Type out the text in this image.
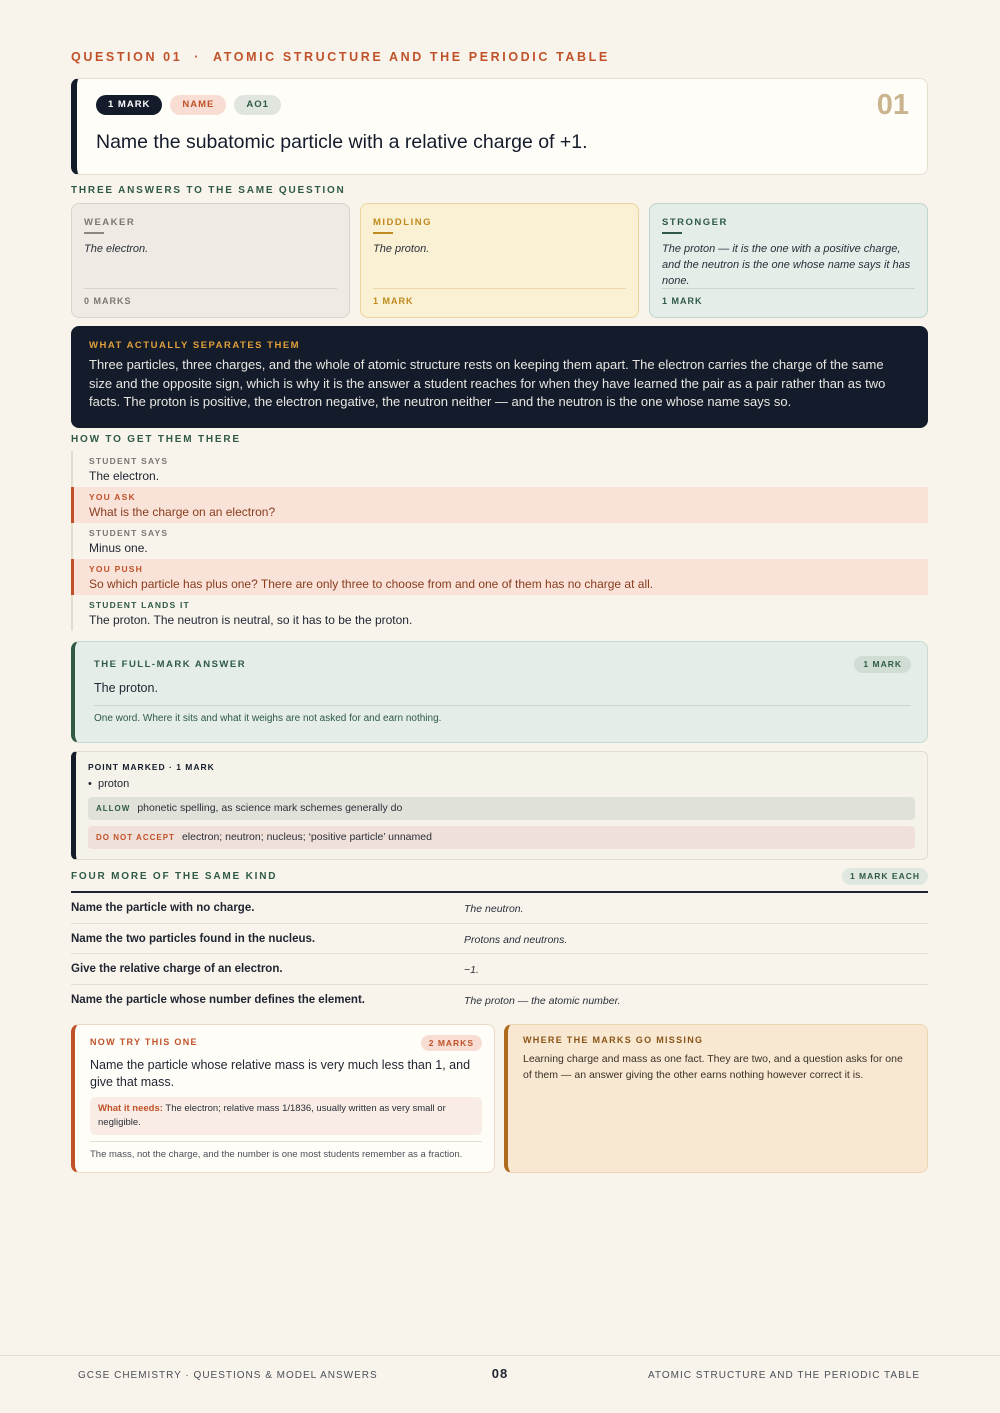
QUESTION 01 · ATOMIC STRUCTURE AND THE PERIODIC TABLE
1 MARK	NAME	AO1	01
Name the subatomic particle with a relative charge of +1.
THREE ANSWERS TO THE SAME QUESTION
WEAKER
The electron.
0 MARKS
MIDDLING
The proton.
1 MARK
STRONGER
The proton — it is the one with a positive charge, and the neutron is the one whose name says it has none.
1 MARK
WHAT ACTUALLY SEPARATES THEM
Three particles, three charges, and the whole of atomic structure rests on keeping them apart. The electron carries the charge of the same size and the opposite sign, which is why it is the answer a student reaches for when they have learned the pair as a pair rather than as two facts. The proton is positive, the electron negative, the neutron neither — and the neutron is the one whose name says so.
HOW TO GET THEM THERE
STUDENT SAYS
The electron.
YOU ASK
What is the charge on an electron?
STUDENT SAYS
Minus one.
YOU PUSH
So which particle has plus one? There are only three to choose from and one of them has no charge at all.
STUDENT LANDS IT
The proton. The neutron is neutral, so it has to be the proton.
THE FULL-MARK ANSWER	1 MARK
The proton.
One word. Where it sits and what it weighs are not asked for and earn nothing.
POINT MARKED · 1 MARK
• proton
ALLOW phonetic spelling, as science mark schemes generally do
DO NOT ACCEPT electron; neutron; nucleus; ‘positive particle’ unnamed
FOUR MORE OF THE SAME KIND	1 MARK EACH
Name the particle with no charge.	The neutron.
Name the two particles found in the nucleus.	Protons and neutrons.
Give the relative charge of an electron.	−1.
Name the particle whose number defines the element.	The proton — the atomic number.
NOW TRY THIS ONE	2 MARKS
Name the particle whose relative mass is very much less than 1, and give that mass.
What it needs: The electron; relative mass 1/1836, usually written as very small or negligible.
The mass, not the charge, and the number is one most students remember as a fraction.
WHERE THE MARKS GO MISSING
Learning charge and mass as one fact. They are two, and a question asks for one of them — an answer giving the other earns nothing however correct it is.
GCSE CHEMISTRY · QUESTIONS & MODEL ANSWERS	08	ATOMIC STRUCTURE AND THE PERIODIC TABLE
